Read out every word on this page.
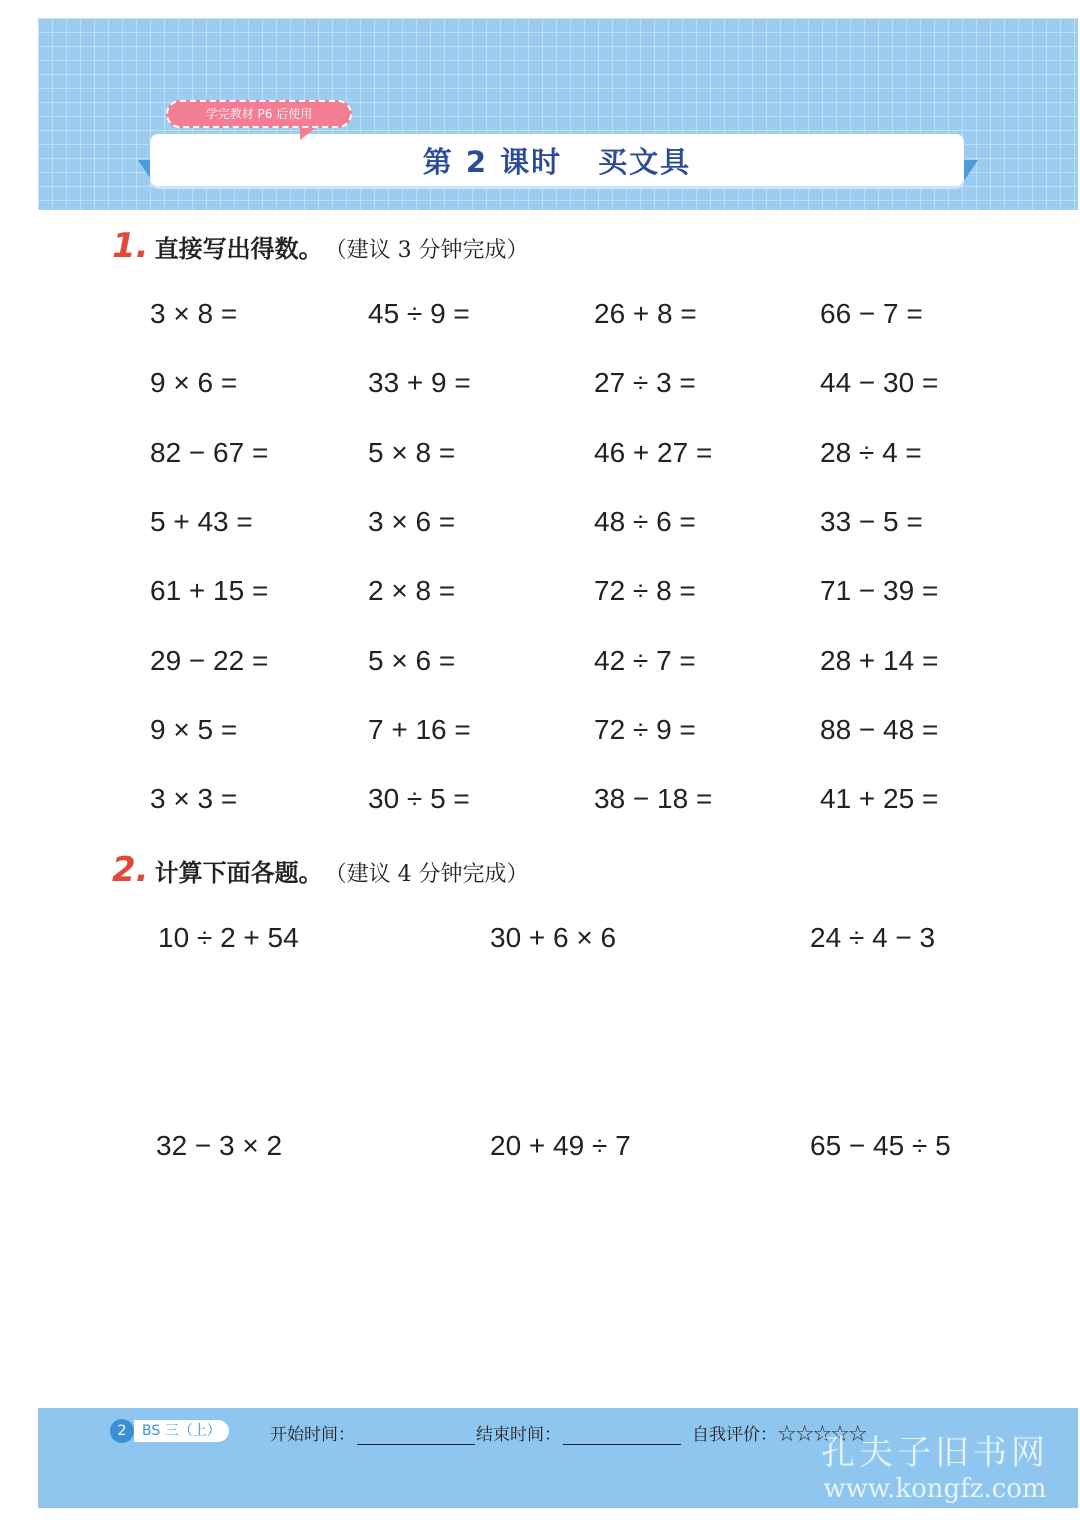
第 2 课时 买文具
学完教材 P6 后使用
1. 直接写出得数。 （建议 3 分钟完成）
3 × 8 =	45 ÷ 9 =	26 + 8 =	66 − 7 =
9 × 6 =	33 + 9 =	27 ÷ 3 =	44 − 30 =
82 − 67 =	5 × 8 =	46 + 27 =	28 ÷ 4 =
5 + 43 =	3 × 6 =	48 ÷ 6 =	33 − 5 =
61 + 15 =	2 × 8 =	72 ÷ 8 =	71 − 39 =
29 − 22 =	5 × 6 =	42 ÷ 7 =	28 + 14 =
9 × 5 =	7 + 16 =	72 ÷ 9 =	88 − 48 =
3 × 3 =	30 ÷ 5 =	38 − 18 =	41 + 25 =
2. 计算下面各题。 （建议 4 分钟完成）
10 ÷ 2 + 54	30 + 6 × 6	24 ÷ 4 − 3
32 − 3 × 2	20 + 49 ÷ 7	65 − 45 ÷ 5
BS 三（上）
2	开始时间：	结束时间：	自我评价： ☆☆☆☆☆
孔夫子旧书网
www.kongfz.com
